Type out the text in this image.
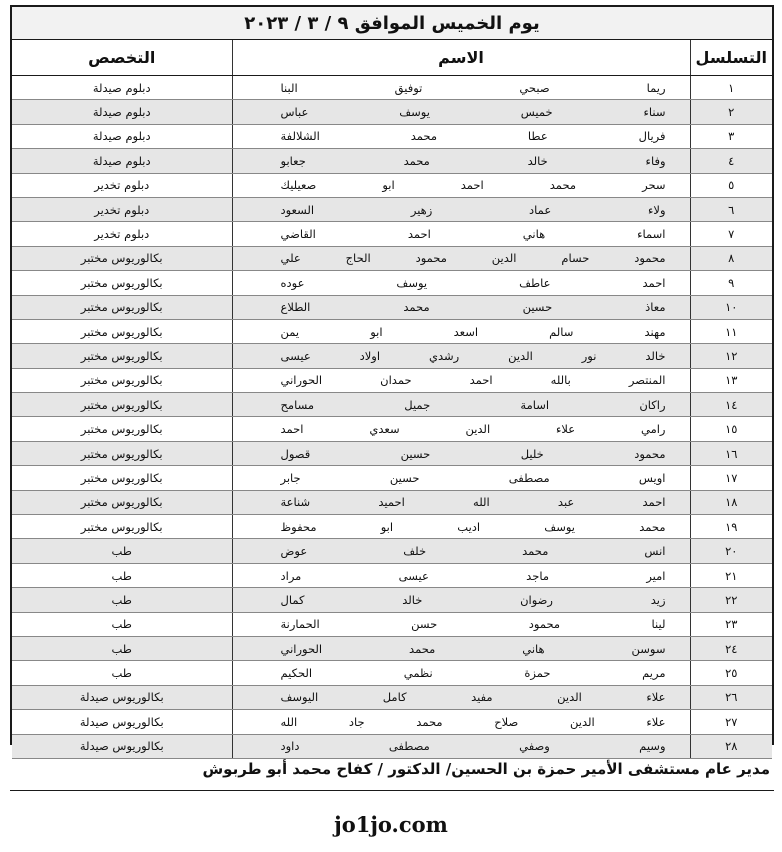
يوم الخميس الموافق ٩ / ٣ / ٢٠٢٣
التسلسل	الاسم	التخصص
١	ريما صبحي توفيق البنا	دبلوم صيدلة
٢	سناء خميس يوسف عباس	دبلوم صيدلة
٣	فريال عطا محمد الشلالفة	دبلوم صيدلة
٤	وفاء خالد محمد جعابو	دبلوم صيدلة
٥	سحر محمد احمد ابو صعيليك	دبلوم تخدير
٦	ولاء عماد زهير السعود	دبلوم تخدير
٧	اسماء هاني احمد القاضي	دبلوم تخدير
٨	محمود حسام الدين محمود الحاج علي	بكالوريوس مختبر
٩	احمد عاطف يوسف عوده	بكالوريوس مختبر
١٠	معاذ حسين محمد الطلاع	بكالوريوس مختبر
١١	مهند سالم اسعد ابو يمن	بكالوريوس مختبر
١٢	خالد نور الدين رشدي اولاد عيسى	بكالوريوس مختبر
١٣	المنتصر بالله احمد حمدان الحوراني	بكالوريوس مختبر
١٤	راكان اسامة جميل مسامح	بكالوريوس مختبر
١٥	رامي علاء الدين سعدي احمد	بكالوريوس مختبر
١٦	محمود خليل حسين قصول	بكالوريوس مختبر
١٧	اويس مصطفى حسين جابر	بكالوريوس مختبر
١٨	احمد عبد الله احميد شناعة	بكالوريوس مختبر
١٩	محمد يوسف اديب ابو محفوظ	بكالوريوس مختبر
٢٠	انس محمد خلف عوض	طب
٢١	امير ماجد عيسى مراد	طب
٢٢	زيد رضوان خالد كمال	طب
٢٣	لينا محمود حسن الحمارنة	طب
٢٤	سوسن هاني محمد الحوراني	طب
٢٥	مريم حمزة نظمي الحكيم	طب
٢٦	علاء الدين مفيد كامل اليوسف	بكالوريوس صيدلة
٢٧	علاء الدين صلاح محمد جاد الله	بكالوريوس صيدلة
٢٨	وسيم وصفي مصطفى داود	بكالوريوس صيدلة
مدير عام مستشفى الأمير حمزة بن الحسين/ الدكتور / كفاح محمد أبو طربوش
jo1jo.com
